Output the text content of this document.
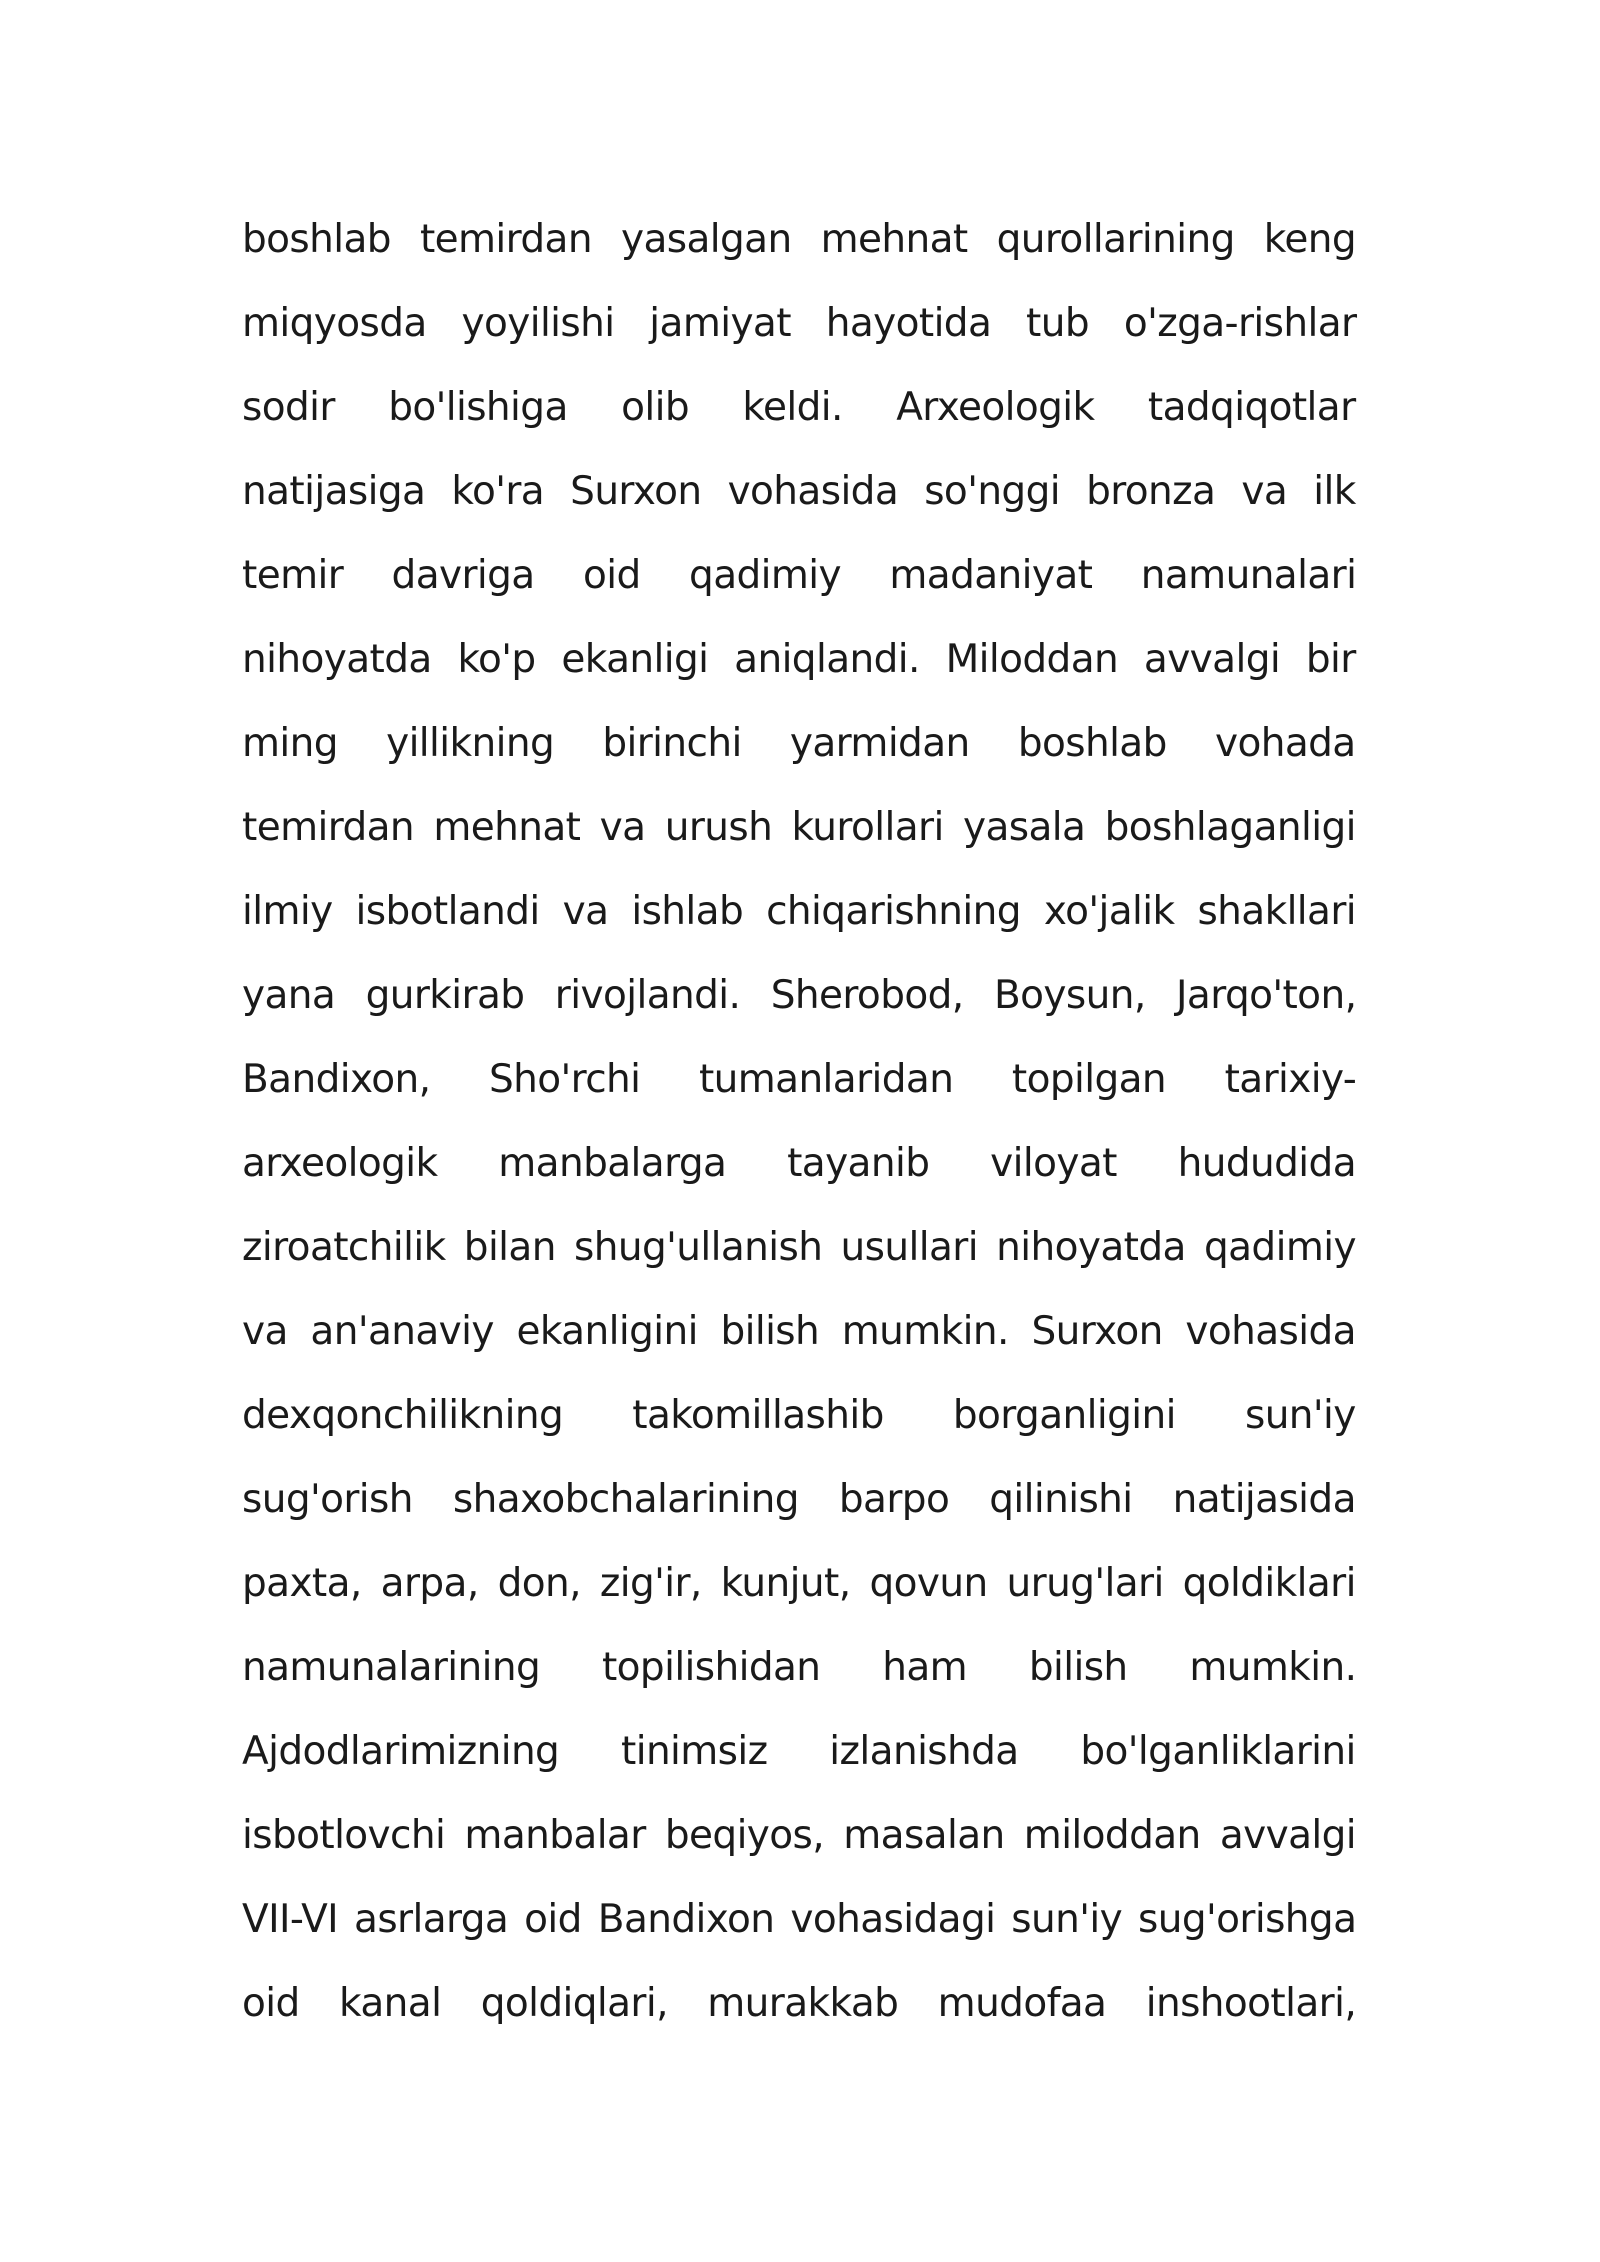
boshlab temirdan yasalgan mehnat qurollarining keng
miqyosda yoyilishi jamiyat hayotida tub o'zga-rishlar
sodir bo'lishiga olib keldi. Arxeologik tadqiqotlar
natijasiga ko'ra Surxon vohasida so'nggi bronza va ilk
temir davriga oid qadimiy madaniyat namunalari
nihoyatda ko'p ekanligi aniqlandi. Miloddan avvalgi bir
ming yillikning birinchi yarmidan boshlab vohada
temirdan mehnat va urush kurollari yasala boshlaganligi
ilmiy isbotlandi va ishlab chiqarishning xo'jalik shakllari
yana gurkirab rivojlandi. Sherobod, Boysun, Jarqo'ton,
Bandixon, Sho'rchi tumanlaridan topilgan tarixiy-
arxeologik manbalarga tayanib viloyat hududida
ziroatchilik bilan shug'ullanish usullari nihoyatda qadimiy
va an'anaviy ekanligini bilish mumkin. Surxon vohasida
dexqonchilikning takomillashib borganligini sun'iy
sug'orish shaxobchalarining barpo qilinishi natijasida
paxta, arpa, don, zig'ir, kunjut, qovun urug'lari qoldiklari
namunalarining topilishidan ham bilish mumkin.
Ajdodlarimizning tinimsiz izlanishda bo'lganliklarini
isbotlovchi manbalar beqiyos, masalan miloddan avvalgi
VII-VI asrlarga oid Bandixon vohasidagi sun'iy sug'orishga
oid kanal qoldiqlari, murakkab mudofaa inshootlari,
